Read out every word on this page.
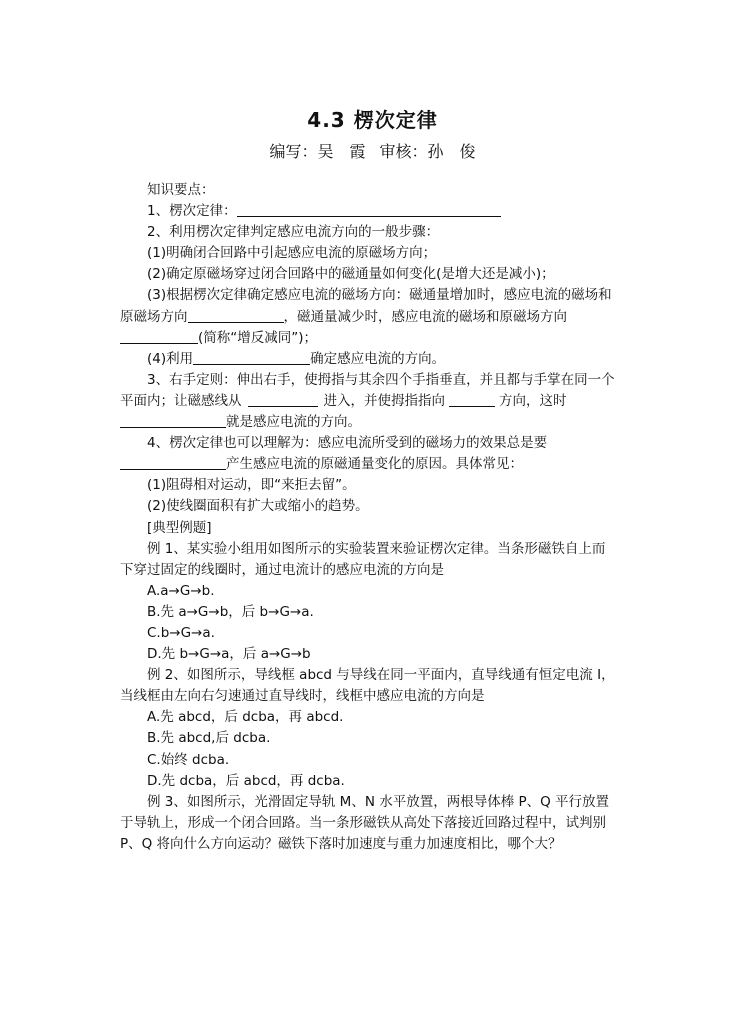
4.3 楞次定律
编写：吴　霞 审核：孙　俊

知识要点：

1、楞次定律：

2、利用楞次定律判定感应电流方向的一般步骤：

(1)明确闭合回路中引起感应电流的原磁场方向；

(2)确定原磁场穿过闭合回路中的磁通量如何变化(是增大还是减小)；

(3)根据楞次定律确定感应电流的磁场方向：磁通量增加时，感应电流的磁场和

原磁场方向	，磁通量减少时，感应电流的磁场和原磁场方向

(简称“增反减同”)；

(4)利用	确定感应电流的方向。

3、右手定则：伸出右手，使拇指与其余四个手指垂直，并且都与手掌在同一个

平面内；让磁感线从	进入，并使拇指指向	方向，这时

就是感应电流的方向。

4、楞次定律也可以理解为：感应电流所受到的磁场力的效果总是要

产生感应电流的原磁通量变化的原因。具体常见：

(1)阻碍相对运动，即“来拒去留”。

(2)使线圈面积有扩大或缩小的趋势。

[典型例题]

例 1、某实验小组用如图所示的实验装置来验证楞次定律。当条形磁铁自上而

下穿过固定的线圈时，通过电流计的感应电流的方向是

A.a→G→b.

B.先 a→G→b，后 b→G→a.

C.b→G→a.

D.先 b→G→a，后 a→G→b

例 2、如图所示，导线框 abcd 与导线在同一平面内，直导线通有恒定电流 I，

当线框由左向右匀速通过直导线时，线框中感应电流的方向是

A.先 abcd，后 dcba，再 abcd.

B.先 abcd,后 dcba.

C.始终 dcba.

D.先 dcba，后 abcd，再 dcba.

例 3、如图所示，光滑固定导轨 M、N 水平放置，两根导体棒 P、Q 平行放置

于导轨上，形成一个闭合回路。当一条形磁铁从高处下落接近回路过程中，试判别

P、Q 将向什么方向运动？磁铁下落时加速度与重力加速度相比，哪个大？
